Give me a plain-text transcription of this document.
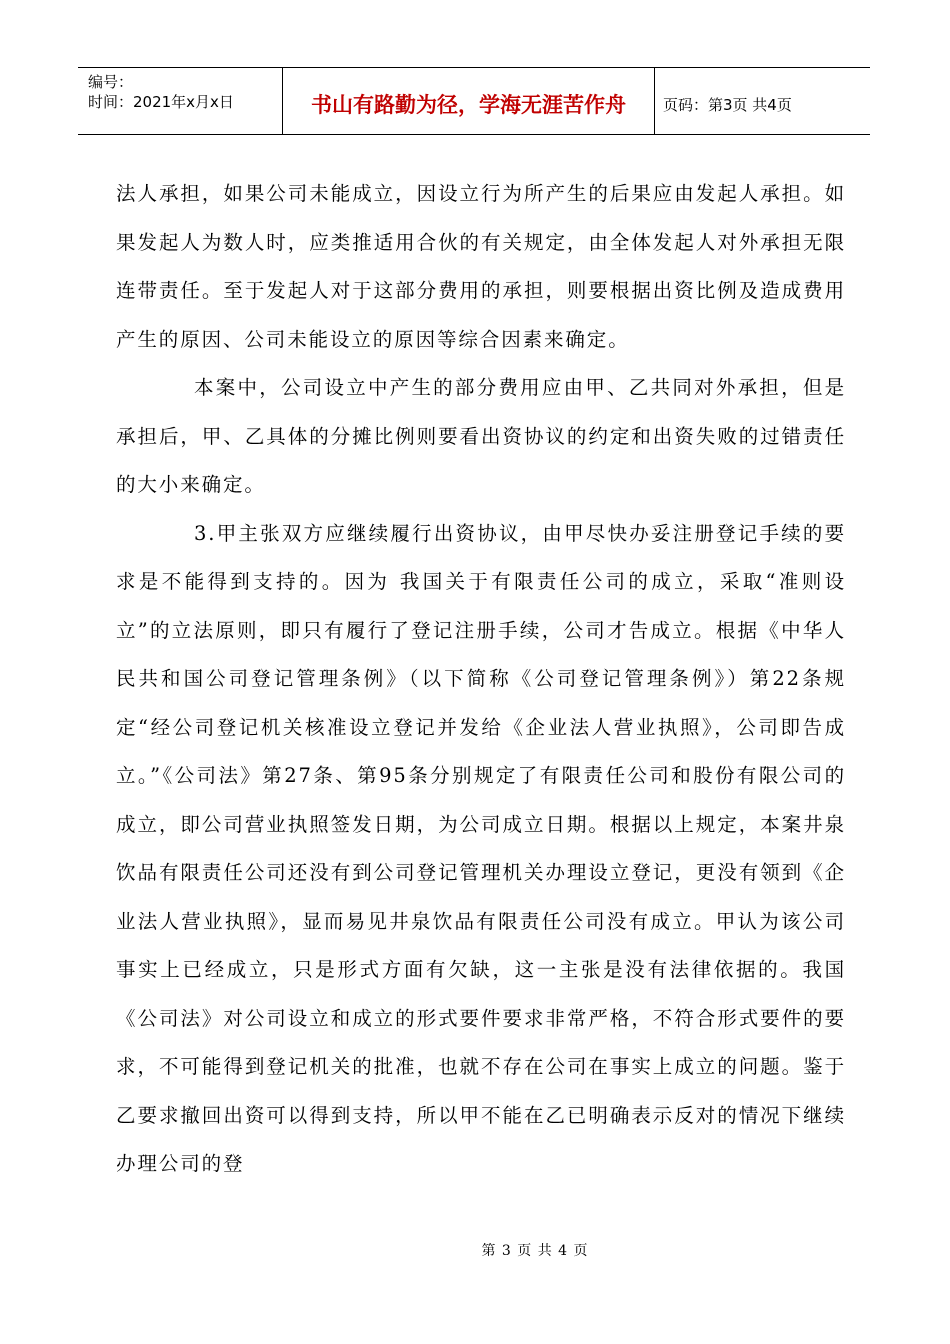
编号：
时间：2021年x月x日	书山有路勤为径，学海无涯苦作舟	页码：第3页 共4页

法人承担，如果公司未能成立，因设立行为所产生的后果应由发起人承担。如果发起人为数人时，应类推适用合伙的有关规定，由全体发起人对外承担无限连带责任。至于发起人对于这部分费用的承担，则要根据出资比例及造成费用产生的原因、公司未能设立的原因等综合因素来确定。

本案中，公司设立中产生的部分费用应由甲、乙共同对外承担，但是承担后，甲、乙具体的分摊比例则要看出资协议的约定和出资失败的过错责任的大小来确定。

3.甲主张双方应继续履行出资协议，由甲尽快办妥注册登记手续的要求是不能得到支持的。因为 我国关于有限责任公司的成立，采取“准则设立”的立法原则，即只有履行了登记注册手续，公司才告成立。根据《中华人民共和国公司登记管理条例》（以下简称《公司登记管理条例》）第22条规定“经公司登记机关核准设立登记并发给《企业法人营业执照》，公司即告成立。”《公司法》第27条、第95条分别规定了有限责任公司和股份有限公司的成立，即公司营业执照签发日期，为公司成立日期。根据以上规定，本案井泉饮品有限责任公司还没有到公司登记管理机关办理设立登记，更没有领到《企业法人营业执照》，显而易见井泉饮品有限责任公司没有成立。甲认为该公司事实上已经成立，只是形式方面有欠缺，这一主张是没有法律依据的。我国《公司法》对公司设立和成立的形式要件要求非常严格，不符合形式要件的要求，不可能得到登记机关的批准，也就不存在公司在事实上成立的问题。鉴于乙要求撤回出资可以得到支持，所以甲不能在乙已明确表示反对的情况下继续办理公司的登

第 3 页 共 4 页
